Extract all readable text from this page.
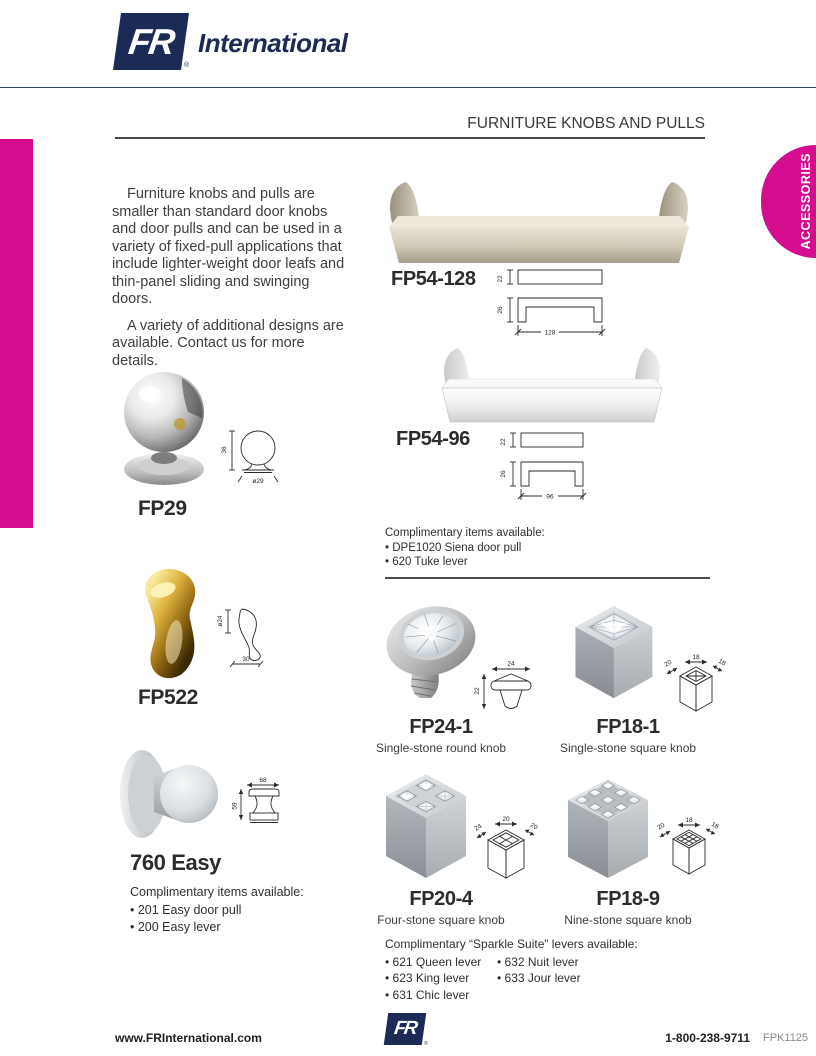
FR
®
International
FURNITURE KNOBS AND PULLS
ACCESSORIES

Furniture knobs and pulls are smaller than standard door knobs and door pulls and can be used in a variety of fixed-pull applications that include lighter-weight door leafs and thin-panel sliding and swinging doors.

A variety of additional designs are available. Contact us for more details.

FP54-128	22
26
128
FP54-96	22
26
96
Complimentary items available:
• DPE1020 Siena door pull
• 620 Tuke lever
36
ø29
FP29
ø24
30
FP522
68
59
760 Easy
Complimentary items available:
• 201 Easy door pull
• 200 Easy lever
24
22
FP24-1
Single-stone round knob
18
20	18
FP18-1
Single-stone square knob
20
24	20
FP20-4
Four-stone square knob
18
20	18
FP18-9
Nine-stone square knob
Complimentary “Sparkle Suite” levers available:
• 621 Queen lever
• 623 King lever
• 631 Chic lever
• 632 Nuit lever
• 633 Jour lever
www.FRInternational.com	FR
®	1-800-238-9711 FPK1125
